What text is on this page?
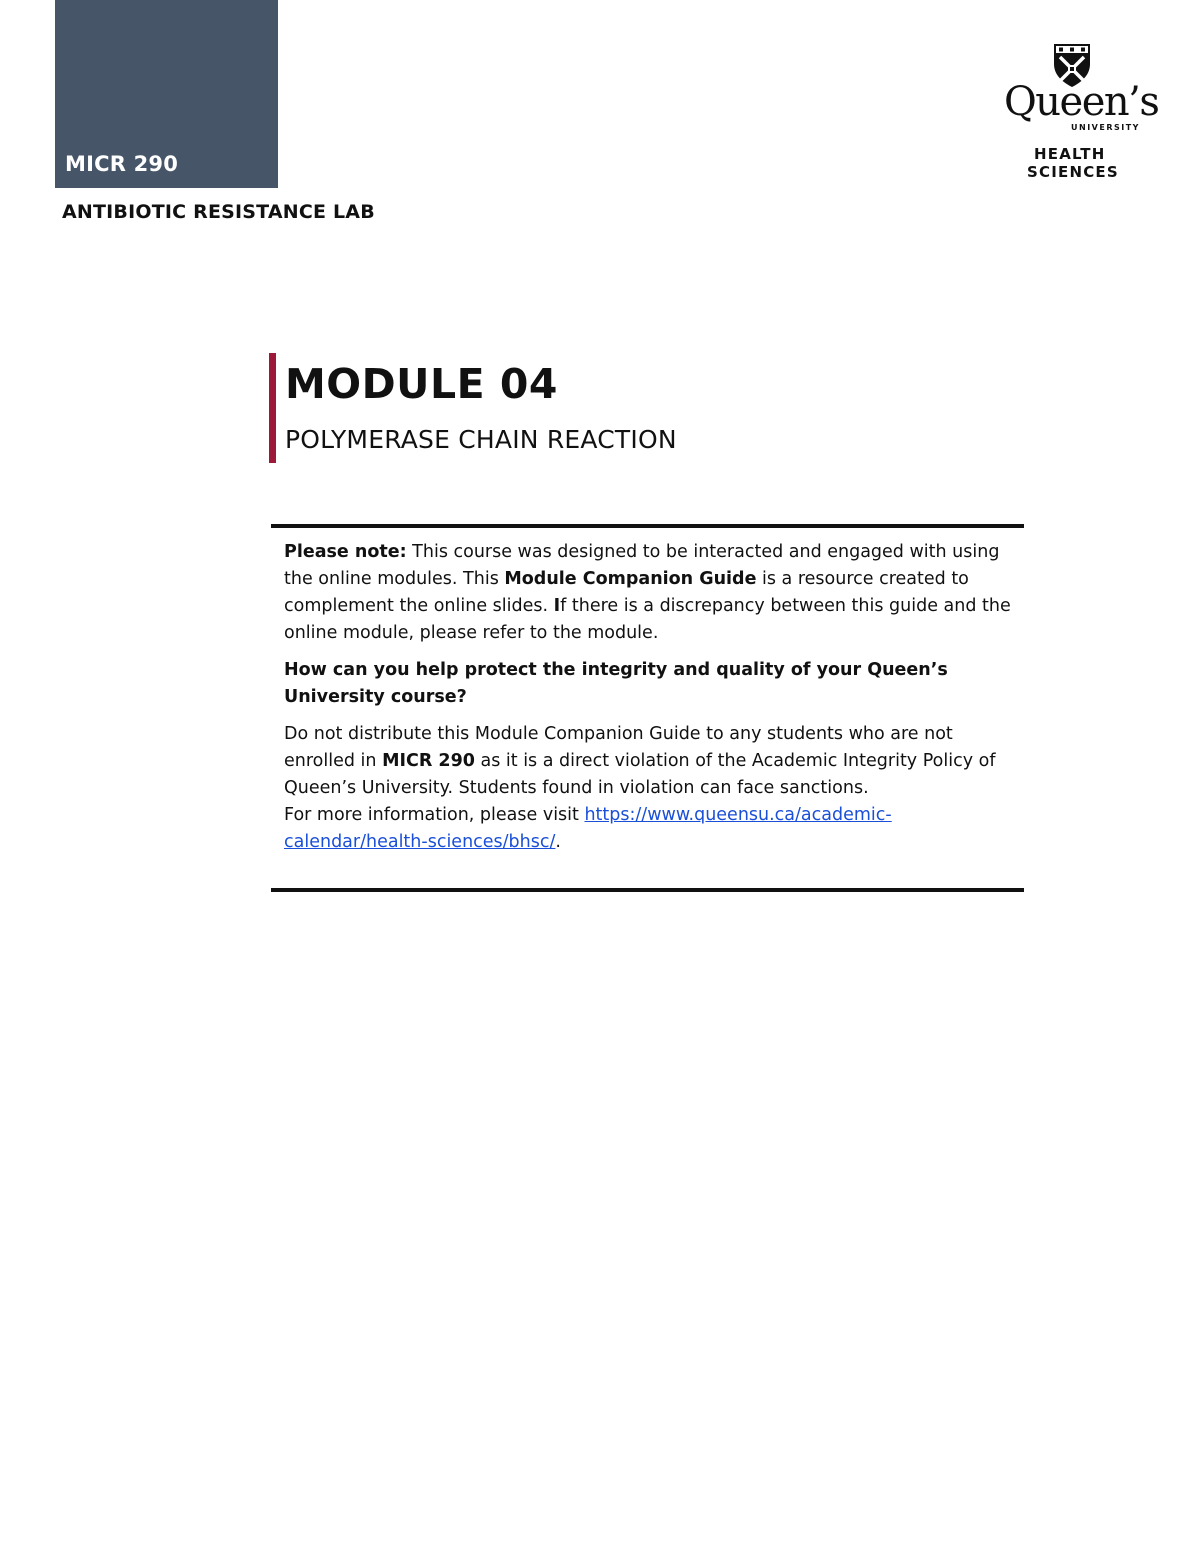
MICR 290
ANTIBIOTIC RESISTANCE LAB
Queen’s
UNIVERSITY
HEALTH
SCIENCES
MODULE 04
POLYMERASE CHAIN REACTION

Please note: This course was designed to be interacted and engaged with using the online modules. This Module Companion Guide is a resource created to complement the online slides. If there is a discrepancy between this guide and the online module, please refer to the module.

How can you help protect the integrity and quality of your Queen’s University course?

Do not distribute this Module Companion Guide to any students who are not enrolled in MICR 290 as it is a direct violation of the Academic Integrity Policy of Queen’s University. Students found in violation can face sanctions.
For more information, please visit https://www.queensu.ca/academic-calendar/health-sciences/bhsc/.
